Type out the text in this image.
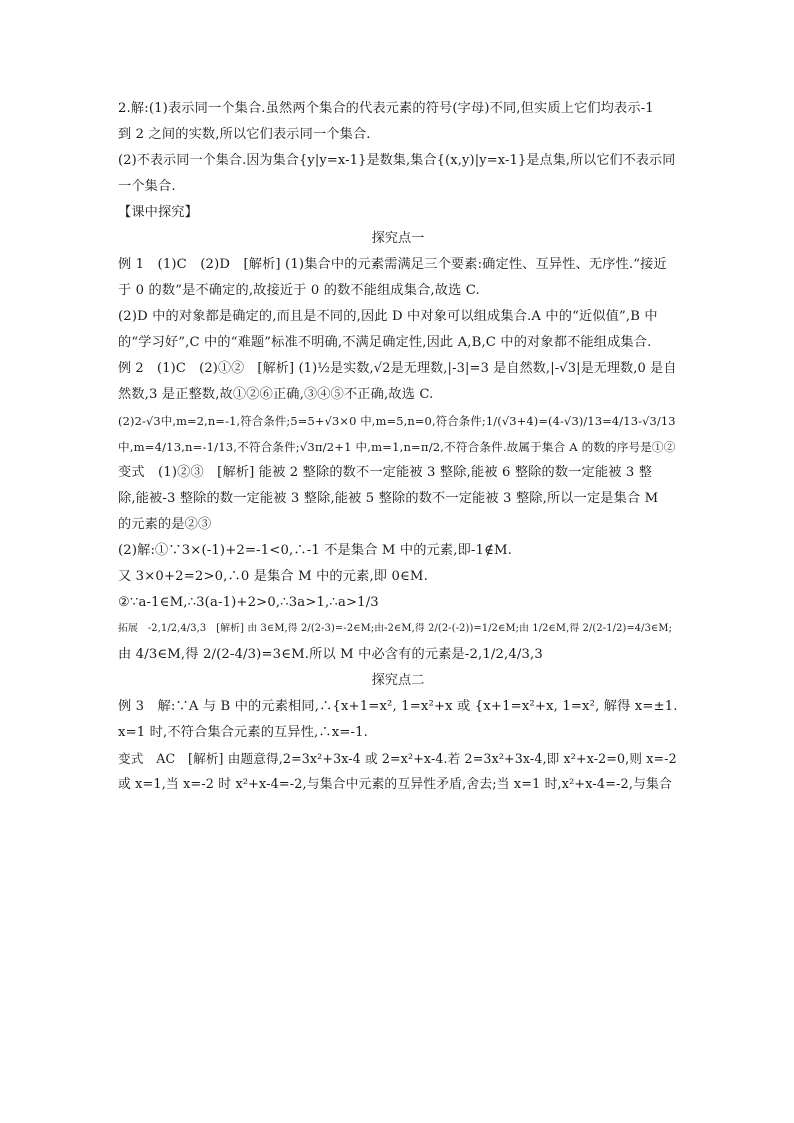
2.解:(1)表示同一个集合.虽然两个集合的代表元素的符号(字母)不同,但实质上它们均表示-1
到 2 之间的实数,所以它们表示同一个集合.
(2)不表示同一个集合.因为集合{y|y=x-1}是数集,集合{(x,y)|y=x-1}是点集,所以它们不表示同
一个集合.
【课中探究】
探究点一
例 1　(1)C　(2)D　[解析] (1)集合中的元素需满足三个要素:确定性、互异性、无序性.“接近
于 0 的数”是不确定的,故接近于 0 的数不能组成集合,故选 C.
(2)D 中的对象都是确定的,而且是不同的,因此 D 中对象可以组成集合.A 中的“近似值”,B 中
的“学习好”,C 中的“难题”标准不明确,不满足确定性,因此 A,B,C 中的对象都不能组成集合.
例 2　(1)C　(2)①②　[解析] (1)½是实数,√2是无理数,|-3|=3 是自然数,|-√3|是无理数,0 是自
然数,3 是正整数,故①②⑥正确,③④⑤不正确,故选 C.
(2)2-√3中,m=2,n=-1,符合条件;5=5+√3×0 中,m=5,n=0,符合条件;1/(√3+4)=(4-√3)/13=4/13-√3/13
中,m=4/13,n=-1/13,不符合条件;√3π/2+1 中,m=1,n=π/2,不符合条件.故属于集合 A 的数的序号是①②
变式　(1)②③　[解析] 能被 2 整除的数不一定能被 3 整除,能被 6 整除的数一定能被 3 整
除,能被-3 整除的数一定能被 3 整除,能被 5 整除的数不一定能被 3 整除,所以一定是集合 M
的元素的是②③
(2)解:①∵3×(-1)+2=-1<0,∴-1 不是集合 M 中的元素,即-1∉M.
又 3×0+2=2>0,∴0 是集合 M 中的元素,即 0∈M.
②∵a-1∈M,∴3(a-1)+2>0,∴3a>1,∴a>1/3
拓展　-2,1/2,4/3,3　[解析] 由 3∈M,得 2/(2-3)=-2∈M;由-2∈M,得 2/(2-(-2))=1/2∈M;由 1/2∈M,得 2/(2-1/2)=4/3∈M;
由 4/3∈M,得 2/(2-4/3)=3∈M.所以 M 中必含有的元素是-2,1/2,4/3,3
探究点二
例 3　解:∵A 与 B 中的元素相同,∴{x+1=x², 1=x²+x 或 {x+1=x²+x, 1=x², 解得 x=±1.
x=1 时,不符合集合元素的互异性,∴x=-1.
变式　AC　[解析] 由题意得,2=3x²+3x-4 或 2=x²+x-4.若 2=3x²+3x-4,即 x²+x-2=0,则 x=-2
或 x=1,当 x=-2 时 x²+x-4=-2,与集合中元素的互异性矛盾,舍去;当 x=1 时,x²+x-4=-2,与集合
